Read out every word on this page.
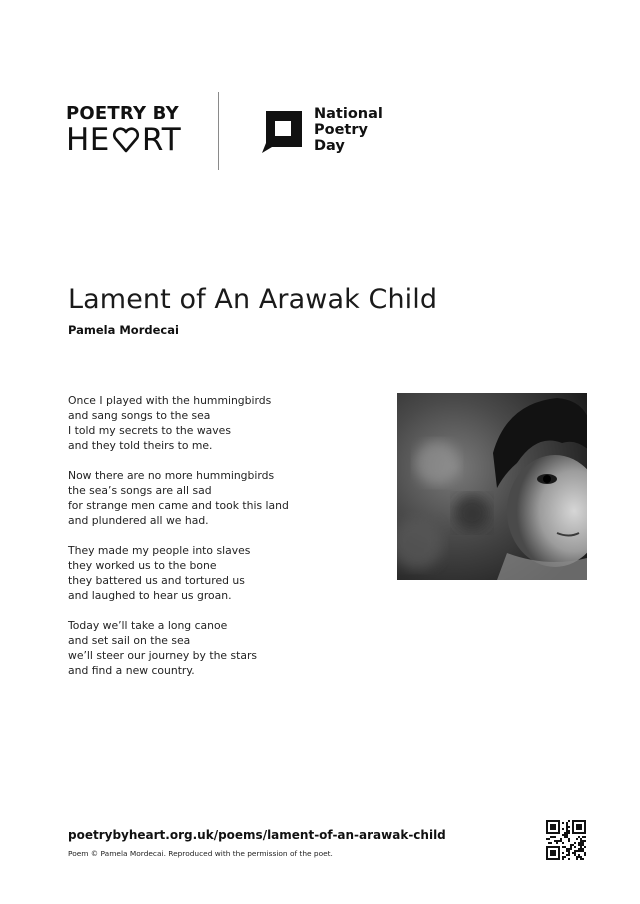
POETRY BY
HE RT
National
Poetry
Day
Lament of An Arawak Child
Pamela Mordecai
Once I played with the hummingbirds
and sang songs to the sea
I told my secrets to the waves
and they told theirs to me.
Now there are no more hummingbirds
the sea’s songs are all sad
for strange men came and took this land
and plundered all we had.
They made my people into slaves
they worked us to the bone
they battered us and tortured us
and laughed to hear us groan.
Today we’ll take a long canoe
and set sail on the sea
we’ll steer our journey by the stars
and find a new country.
poetrybyheart.org.uk/poems/lament-of-an-arawak-child
Poem © Pamela Mordecai. Reproduced with the permission of the poet.
